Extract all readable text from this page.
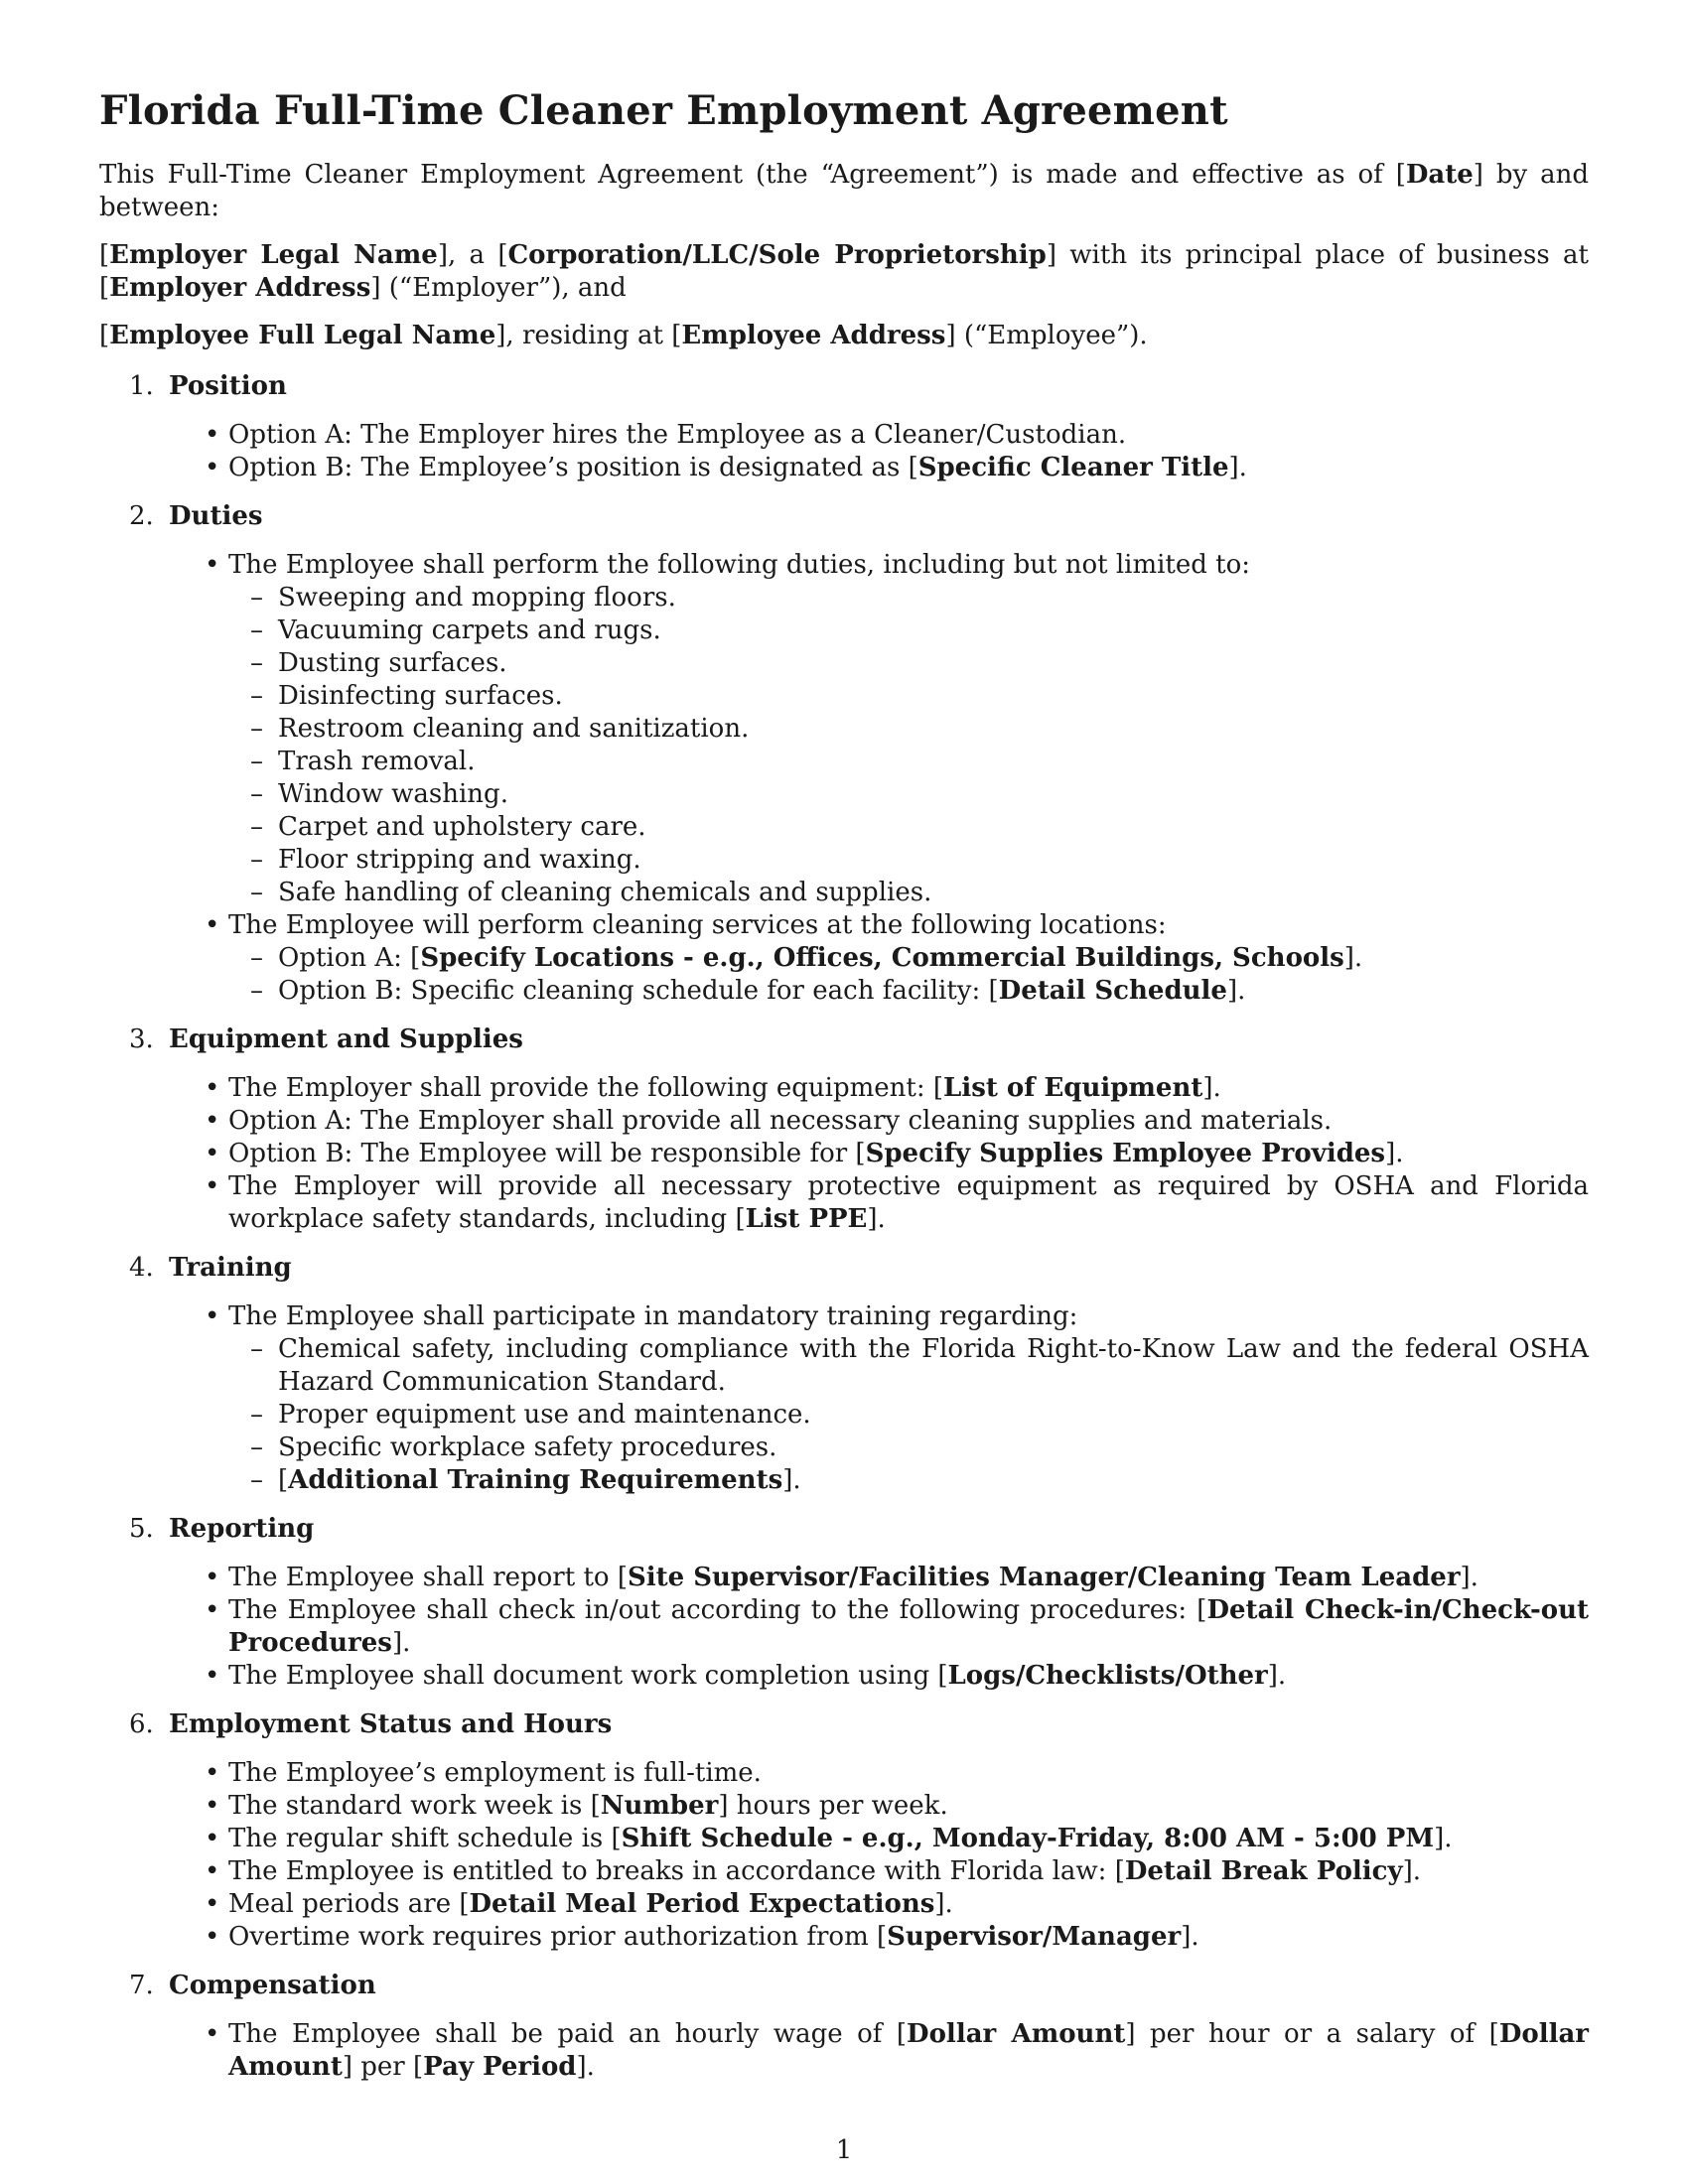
Florida Full-Time Cleaner Employment Agreement

This Full-Time Cleaner Employment Agreement (the “Agreement”) is made and effective as of [Date] by and between:

[Employer Legal Name], a [Corporation/LLC/Sole Proprietorship] with its principal place of business at [Employer Address] (“Employer”), and

[Employee Full Legal Name], residing at [Employee Address] (“Employee”).

1. Position
• Option A: The Employer hires the Employee as a Cleaner/Custodian.
• Option B: The Employee’s position is designated as [Specific Cleaner Title].
2. Duties
• The Employee shall perform the following duties, including but not limited to:
– Sweeping and mopping floors.
– Vacuuming carpets and rugs.
– Dusting surfaces.
– Disinfecting surfaces.
– Restroom cleaning and sanitization.
– Trash removal.
– Window washing.
– Carpet and upholstery care.
– Floor stripping and waxing.
– Safe handling of cleaning chemicals and supplies.
• The Employee will perform cleaning services at the following locations:
– Option A: [Specify Locations - e.g., Offices, Commercial Buildings, Schools].
– Option B: Specific cleaning schedule for each facility: [Detail Schedule].
3. Equipment and Supplies
• The Employer shall provide the following equipment: [List of Equipment].
• Option A: The Employer shall provide all necessary cleaning supplies and materials.
• Option B: The Employee will be responsible for [Specify Supplies Employee Provides].
• The Employer will provide all necessary protective equipment as required by OSHA and Florida workplace safety standards, including [List PPE].
4. Training
• The Employee shall participate in mandatory training regarding:
– Chemical safety, including compliance with the Florida Right-to-Know Law and the federal OSHA Hazard Communication Standard.
– Proper equipment use and maintenance.
– Specific workplace safety procedures.
– [Additional Training Requirements].
5. Reporting
• The Employee shall report to [Site Supervisor/Facilities Manager/Cleaning Team Leader].
• The Employee shall check in/out according to the following procedures: [Detail Check-in/Check-out Procedures].
• The Employee shall document work completion using [Logs/Checklists/Other].
6. Employment Status and Hours
• The Employee’s employment is full-time.
• The standard work week is [Number] hours per week.
• The regular shift schedule is [Shift Schedule - e.g., Monday-Friday, 8:00 AM - 5:00 PM].
• The Employee is entitled to breaks in accordance with Florida law: [Detail Break Policy].
• Meal periods are [Detail Meal Period Expectations].
• Overtime work requires prior authorization from [Supervisor/Manager].
7. Compensation
• The Employee shall be paid an hourly wage of [Dollar Amount] per hour or a salary of [Dollar Amount] per [Pay Period].
1
